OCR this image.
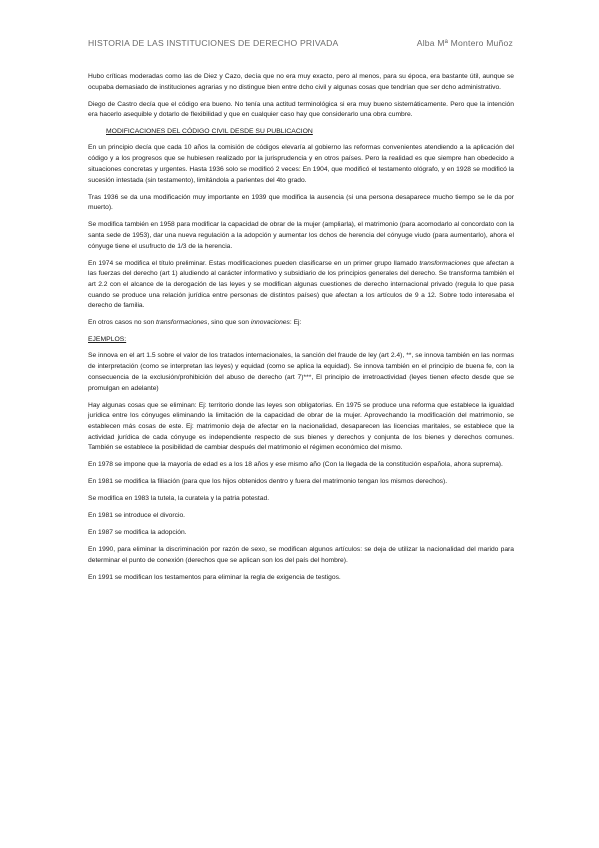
HISTORIA DE LAS INSTITUCIONES DE DERECHO PRIVADA	Alba Mª Montero Muñoz

Hubo críticas moderadas como las de Diez y Cazo, decía que no era muy exacto, pero al menos, para su época, era bastante útil, aunque se ocupaba demasiado de instituciones agrarias y no distingue bien entre dcho civil y algunas cosas que tendrían que ser dcho administrativo.

Diego de Castro decía que el código era bueno. No tenía una actitud terminológica si era muy bueno sistemáticamente. Pero que la intención era hacerlo asequible y dotarlo de flexibilidad y que en cualquier caso hay que considerarlo una obra cumbre.

MODIFICACIONES DEL CÓDIGO CIVIL DESDE SU PUBLICACION

En un principio decía que cada 10 años la comisión de códigos elevaría al gobierno las reformas convenientes atendiendo a la aplicación del código y a los progresos que se hubiesen realizado por la jurisprudencia y en otros países. Pero la realidad es que siempre han obedecido a situaciones concretas y urgentes. Hasta 1936 solo se modificó 2 veces: En 1904, que modificó el testamento ológrafo, y en 1928 se modificó la sucesión intestada (sin testamento), limitándola a parientes del 4to grado.

Tras 1936 se da una modificación muy importante en 1939 que modifica la ausencia (si una persona desaparece mucho tiempo se le da por muerto).

Se modifica también en 1958 para modificar la capacidad de obrar de la mujer (ampliarla), el matrimonio (para acomodarlo al concordato con la santa sede de 1953), dar una nueva regulación a la adopción y aumentar los dchos de herencia del cónyuge viudo (para aumentarlo), ahora el cónyuge tiene el usufructo de 1/3 de la herencia.

En 1974 se modifica el título preliminar. Estas modificaciones pueden clasificarse en un primer grupo llamado transformaciones que afectan a las fuerzas del derecho (art 1) aludiendo al carácter informativo y subsidiario de los principios generales del derecho. Se transforma también el art 2.2 con el alcance de la derogación de las leyes y se modifican algunas cuestiones de derecho internacional privado (regula lo que pasa cuando se produce una relación jurídica entre personas de distintos países) que afectan a los artículos de 9 a 12. Sobre todo interesaba el derecho de familia.

En otros casos no son transformaciones, sino que son innovaciones: Ej:

EJEMPLOS:

Se innova en el art 1.5 sobre el valor de los tratados internacionales, la sanción del fraude de ley (art 2.4), **, se innova también en las normas de interpretación (como se interpretan las leyes) y equidad (como se aplica la equidad). Se innova también en el principio de buena fe, con la consecuencia de la exclusión/prohibición del abuso de derecho (art 7)***, El principio de irretroactividad (leyes tienen efecto desde que se promulgan en adelante)

Hay algunas cosas que se eliminan: Ej: territorio donde las leyes son obligatorias. En 1975 se produce una reforma que establece la igualdad jurídica entre los cónyuges eliminando la limitación de la capacidad de obrar de la mujer. Aprovechando la modificación del matrimonio, se establecen más cosas de este. Ej: matrimonio deja de afectar en la nacionalidad, desaparecen las licencias maritales, se establece que la actividad jurídica de cada cónyuge es independiente respecto de sus bienes y derechos y conjunta de los bienes y derechos comunes. También se establece la posibilidad de cambiar después del matrimonio el régimen económico del mismo.

En 1978 se impone que la mayoría de edad es a los 18 años y ese mismo año (Con la llegada de la constitución española, ahora suprema).

En 1981 se modifica la filiación (para que los hijos obtenidos dentro y fuera del matrimonio tengan los mismos derechos).

Se modifica en 1983 la tutela, la curatela y la patria potestad.

En 1981 se introduce el divorcio.

En 1987 se modifica la adopción.

En 1990, para eliminar la discriminación por razón de sexo, se modifican algunos artículos: se deja de utilizar la nacionalidad del marido para determinar el punto de conexión (derechos que se aplican son los del país del hombre).

En 1991 se modifican los testamentos para eliminar la regla de exigencia de testigos.
